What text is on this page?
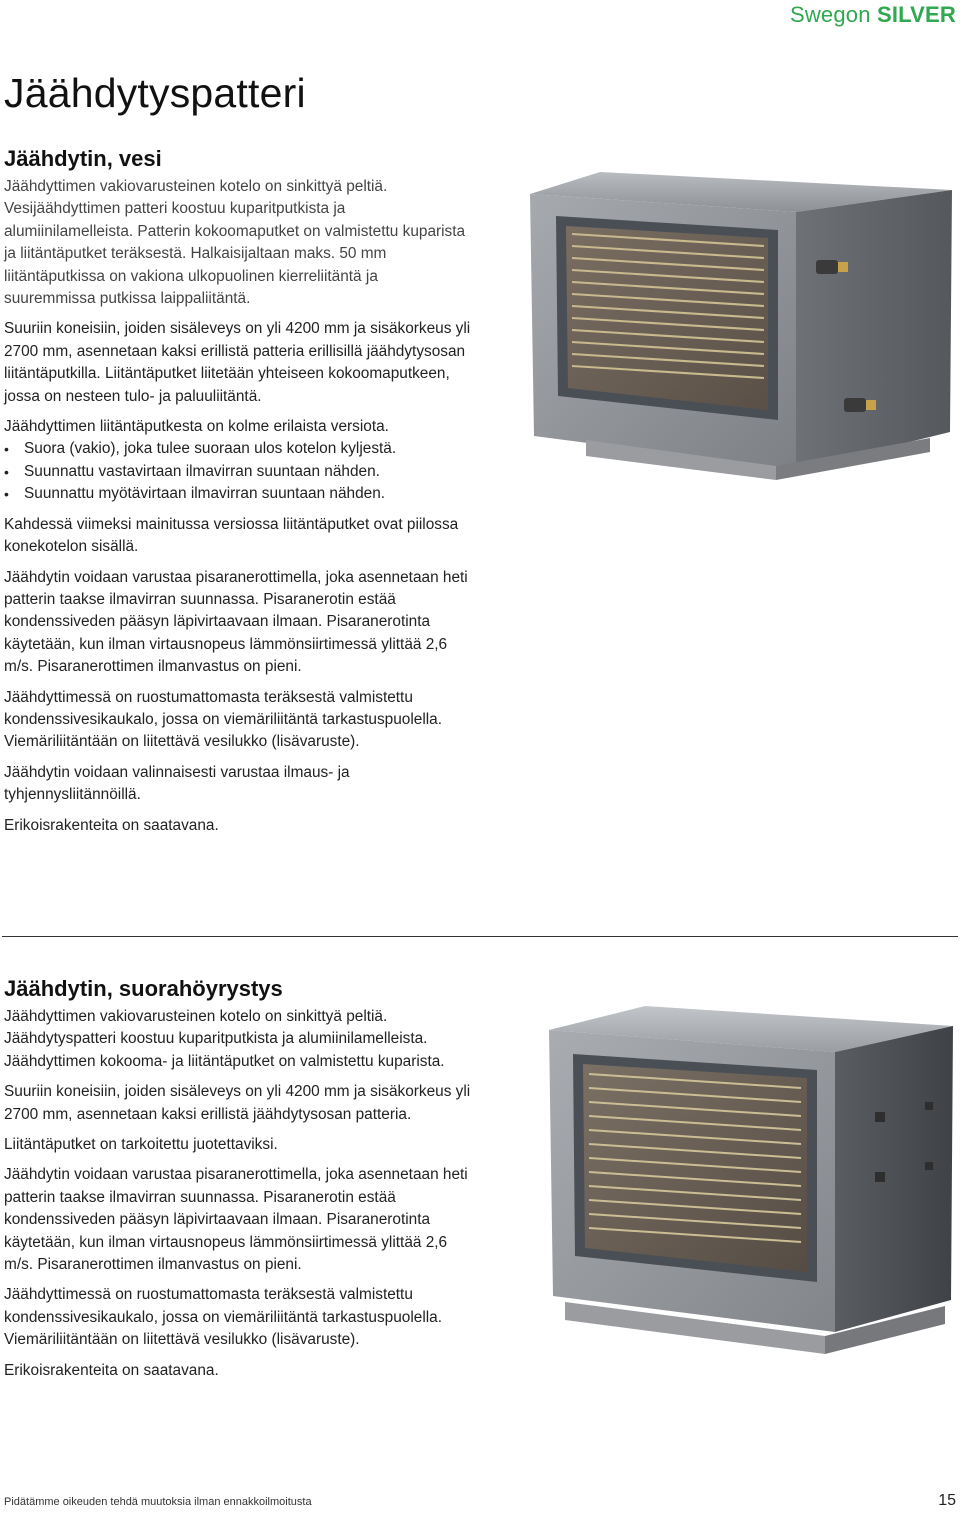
Swegon SILVER
Jäähdytyspatteri
Jäähdytin, vesi

Jäähdyttimen vakiovarusteinen kotelo on sinkittyä peltiä. Vesijäähdyttimen patteri koostuu kuparitputkista ja alumiinilamelleista. Patterin kokoomaputket on valmistettu kuparista ja liitäntäputket teräksestä. Halkaisijaltaan maks. 50 mm liitäntäputkissa on vakiona ulkopuolinen kierreliitäntä ja suuremmissa putkissa laippaliitäntä.

Suuriin koneisiin, joiden sisäleveys on yli 4200 mm ja sisäkorkeus yli 2700 mm, asennetaan kaksi erillistä patteria erillisillä jäähdytysosan liitäntäputkilla. Liitäntäputket liitetään yhteiseen kokoomaputkeen, jossa on nesteen tulo- ja paluuliitäntä.

Jäähdyttimen liitäntäputkesta on kolme erilaista versiota.

• Suora (vakio), joka tulee suoraan ulos kotelon kyljestä.
• Suunnattu vastavirtaan ilmavirran suuntaan nähden.
• Suunnattu myötävirtaan ilmavirran suuntaan nähden.

Kahdessä viimeksi mainitussa versiossa liitäntäputket ovat piilossa konekotelon sisällä.

Jäähdytin voidaan varustaa pisaranerottimella, joka asennetaan heti patterin taakse ilmavirran suunnassa. Pisaranerotin estää kondenssiveden pääsyn läpivirtaavaan ilmaan. Pisaranerotinta käytetään, kun ilman virtausnopeus lämmönsiirtimessä ylittää 2,6 m/s. Pisaranerottimen ilmanvastus on pieni.

Jäähdyttimessä on ruostumattomasta teräksestä valmistettu kondenssivesikaukalo, jossa on viemäriliitäntä tarkastuspuolella. Viemäriliitäntään on liitettävä vesilukko (lisävaruste).

Jäähdytin voidaan valinnaisesti varustaa ilmaus- ja tyhjennysliitännöillä.

Erikoisrakenteita on saatavana.

Jäähdytin, suorahöyrystys

Jäähdyttimen vakiovarusteinen kotelo on sinkittyä peltiä. Jäähdytyspatteri koostuu kuparitputkista ja alumiinilamelleista. Jäähdyttimen kokooma- ja liitäntäputket on valmistettu kuparista.

Suuriin koneisiin, joiden sisäleveys on yli 4200 mm ja sisäkorkeus yli 2700 mm, asennetaan kaksi erillistä jäähdytysosan patteria.

Liitäntäputket on tarkoitettu juotettaviksi.

Jäähdytin voidaan varustaa pisaranerottimella, joka asennetaan heti patterin taakse ilmavirran suunnassa. Pisaranerotin estää kondenssiveden pääsyn läpivirtaavaan ilmaan. Pisaranerotinta käytetään, kun ilman virtausnopeus lämmönsiirtimessä ylittää 2,6 m/s. Pisaranerottimen ilmanvastus on pieni.

Jäähdyttimessä on ruostumattomasta teräksestä valmistettu kondenssivesikaukalo, jossa on viemäriliitäntä tarkastuspuolella. Viemäriliitäntään on liitettävä vesilukko (lisävaruste).

Erikoisrakenteita on saatavana.

Pidätämme oikeuden tehdä muutoksia ilman ennakkoilmoitusta	15
